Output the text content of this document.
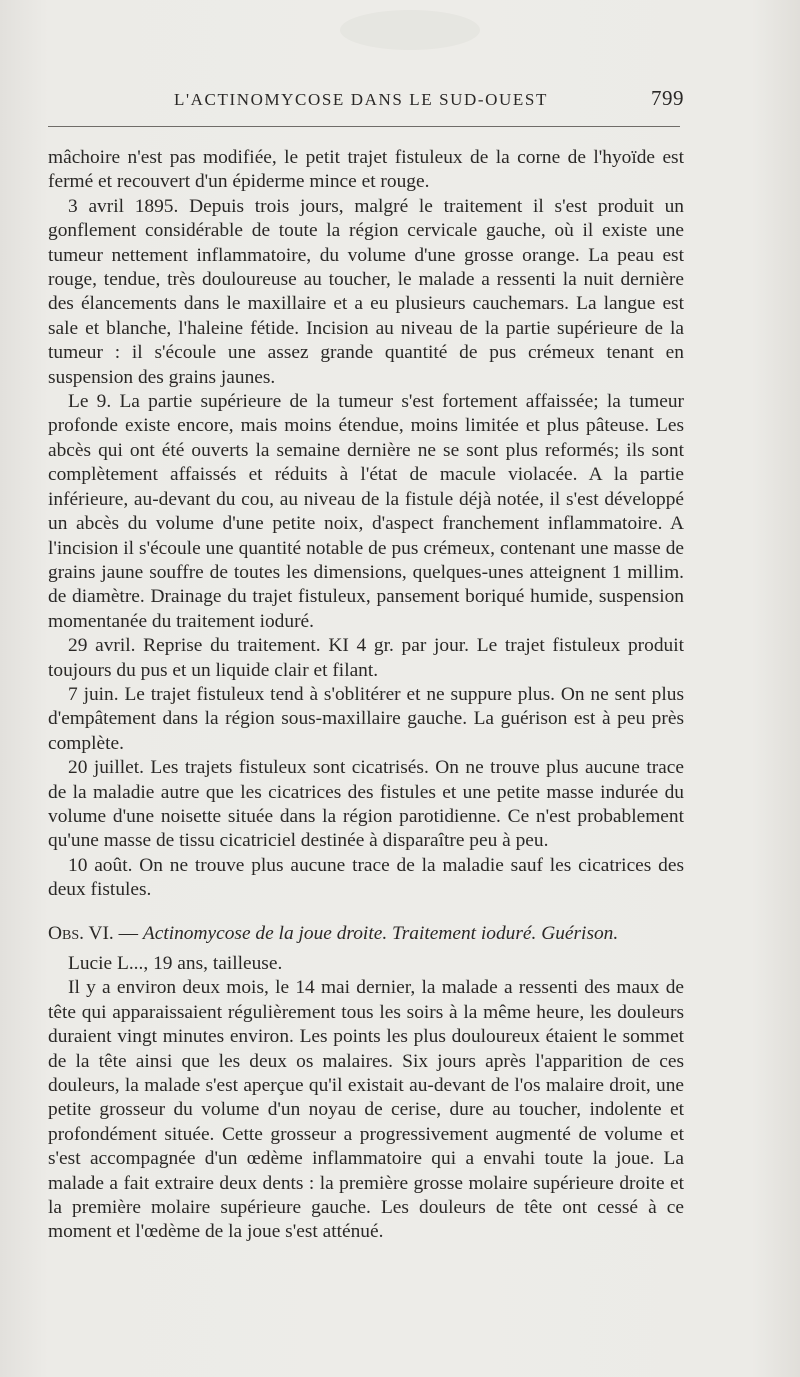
L'ACTINOMYCOSE DANS LE SUD-OUEST	799

mâchoire n'est pas modifiée, le petit trajet fistuleux de la corne de l'hyoïde est fermé et recouvert d'un épiderme mince et rouge.

3 avril 1895. Depuis trois jours, malgré le traitement il s'est produit un gonflement considérable de toute la région cervicale gauche, où il existe une tumeur nettement inflammatoire, du volume d'une grosse orange. La peau est rouge, tendue, très douloureuse au toucher, le malade a ressenti la nuit dernière des élancements dans le maxillaire et a eu plusieurs cauchemars. La langue est sale et blanche, l'haleine fétide. Incision au niveau de la partie supérieure de la tumeur : il s'écoule une assez grande quantité de pus crémeux tenant en suspension des grains jaunes.

Le 9. La partie supérieure de la tumeur s'est fortement affaissée; la tumeur profonde existe encore, mais moins étendue, moins limitée et plus pâteuse. Les abcès qui ont été ouverts la semaine dernière ne se sont plus reformés; ils sont complètement affaissés et réduits à l'état de macule violacée. A la partie inférieure, au-devant du cou, au niveau de la fistule déjà notée, il s'est développé un abcès du volume d'une petite noix, d'aspect franchement inflammatoire. A l'incision il s'écoule une quantité notable de pus crémeux, contenant une masse de grains jaune souffre de toutes les dimensions, quelques-unes atteignent 1 millim. de diamètre. Drainage du trajet fistuleux, pansement boriqué humide, suspension momentanée du traitement ioduré.

29 avril. Reprise du traitement. KI 4 gr. par jour. Le trajet fistuleux produit toujours du pus et un liquide clair et filant.

7 juin. Le trajet fistuleux tend à s'oblitérer et ne suppure plus. On ne sent plus d'empâtement dans la région sous-maxillaire gauche. La guérison est à peu près complète.

20 juillet. Les trajets fistuleux sont cicatrisés. On ne trouve plus aucune trace de la maladie autre que les cicatrices des fistules et une petite masse indurée du volume d'une noisette située dans la région parotidienne. Ce n'est probablement qu'une masse de tissu cicatriciel destinée à disparaître peu à peu.

10 août. On ne trouve plus aucune trace de la maladie sauf les cicatrices des deux fistules.

Obs. VI. — Actinomycose de la joue droite. Traitement ioduré. Guérison.

Lucie L..., 19 ans, tailleuse.

Il y a environ deux mois, le 14 mai dernier, la malade a ressenti des maux de tête qui apparaissaient régulièrement tous les soirs à la même heure, les douleurs duraient vingt minutes environ. Les points les plus douloureux étaient le sommet de la tête ainsi que les deux os malaires. Six jours après l'apparition de ces douleurs, la malade s'est aperçue qu'il existait au-devant de l'os malaire droit, une petite grosseur du volume d'un noyau de cerise, dure au toucher, indolente et profondément située. Cette grosseur a progressivement augmenté de volume et s'est accompagnée d'un œdème inflammatoire qui a envahi toute la joue. La malade a fait extraire deux dents : la première grosse molaire supérieure droite et la première molaire supérieure gauche. Les douleurs de tête ont cessé à ce moment et l'œdème de la joue s'est atténué.
